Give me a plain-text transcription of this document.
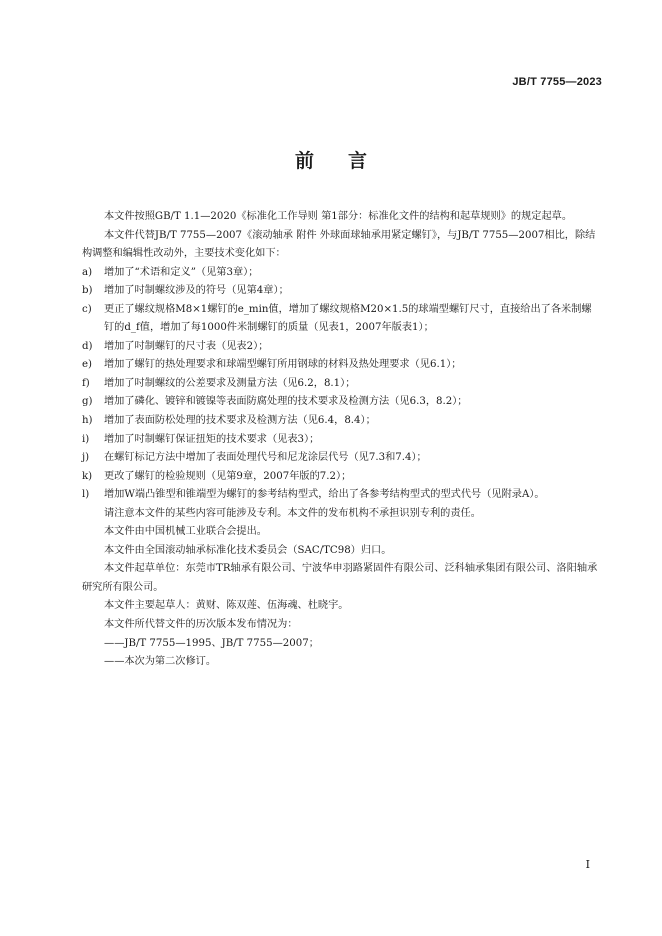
JB/T 7755—2023
前 言

本文件按照GB/T 1.1—2020《标准化工作导则 第1部分：标准化文件的结构和起草规则》的规定起草。

本文件代替JB/T 7755—2007《滚动轴承 附件 外球面球轴承用紧定螺钉》，与JB/T 7755—2007相比，除结构调整和编辑性改动外，主要技术变化如下：

a)	增加了“术语和定义”（见第3章）；
b)	增加了吋制螺纹涉及的符号（见第4章）；
c)	更正了螺纹规格M8×1螺钉的e_min值，增加了螺纹规格M20×1.5的球端型螺钉尺寸，直接给出了各米制螺钉的d_f值，增加了每1000件米制螺钉的质量（见表1，2007年版表1）；
d)	增加了吋制螺钉的尺寸表（见表2）；
e)	增加了螺钉的热处理要求和球端型螺钉所用钢球的材料及热处理要求（见6.1）；
f)	增加了吋制螺纹的公差要求及测量方法（见6.2，8.1）；
g)	增加了磷化、镀锌和镀镍等表面防腐处理的技术要求及检测方法（见6.3，8.2）；
h)	增加了表面防松处理的技术要求及检测方法（见6.4，8.4）；
i)	增加了吋制螺钉保证扭矩的技术要求（见表3）；
j)	在螺钉标记方法中增加了表面处理代号和尼龙涂层代号（见7.3和7.4）；
k)	更改了螺钉的检验规则（见第9章，2007年版的7.2）；
l)	增加W端凸锥型和锥端型为螺钉的参考结构型式，给出了各参考结构型式的型式代号（见附录A）。

请注意本文件的某些内容可能涉及专利。本文件的发布机构不承担识别专利的责任。

本文件由中国机械工业联合会提出。

本文件由全国滚动轴承标准化技术委员会（SAC/TC98）归口。

本文件起草单位：东莞市TR轴承有限公司、宁波华申羽路紧固件有限公司、泛科轴承集团有限公司、洛阳轴承研究所有限公司。

本文件主要起草人：黄财、陈双莲、伍海魂、杜晓宇。

本文件所代替文件的历次版本发布情况为：

——JB/T 7755—1995、JB/T 7755—2007；

——本次为第二次修订。

I
